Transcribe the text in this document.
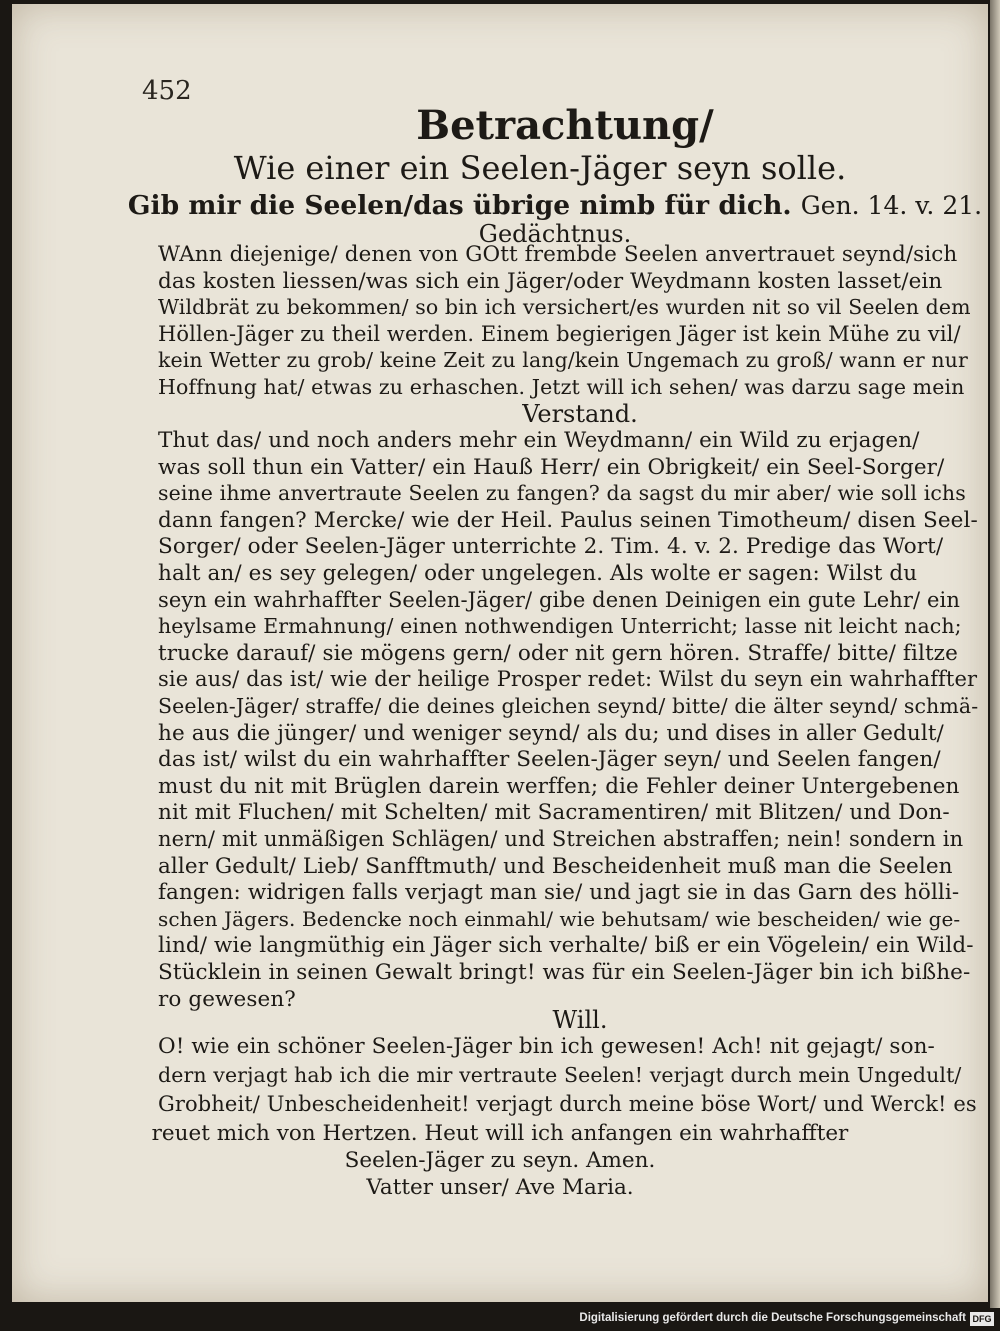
452
Betrachtung/
Wie einer ein Seelen-Jäger seyn solle.
Gib mir die Seelen/das übrige nimb für dich. Gen. 14. v. 21.
Gedächtnus.
WAnn diejenige/ denen von GOtt frembde Seelen anvertrauet seynd/sich
das kosten liessen/was sich ein Jäger/oder Weydmann kosten lasset/ein
Wildbrät zu bekommen/ so bin ich versichert/es wurden nit so vil Seelen dem
Höllen-Jäger zu theil werden. Einem begierigen Jäger ist kein Mühe zu vil/
kein Wetter zu grob/ keine Zeit zu lang/kein Ungemach zu groß/ wann er nur
Hoffnung hat/ etwas zu erhaschen. Jetzt will ich sehen/ was darzu sage mein
Verstand.
Thut das/ und noch anders mehr ein Weydmann/ ein Wild zu erjagen/
was soll thun ein Vatter/ ein Hauß Herr/ ein Obrigkeit/ ein Seel-Sorger/
seine ihme anvertraute Seelen zu fangen? da sagst du mir aber/ wie soll ichs
dann fangen? Mercke/ wie der Heil. Paulus seinen Timotheum/ disen Seel-
Sorger/ oder Seelen-Jäger unterrichte 2. Tim. 4. v. 2. Predige das Wort/
halt an/ es sey gelegen/ oder ungelegen. Als wolte er sagen: Wilst du
seyn ein wahrhaffter Seelen-Jäger/ gibe denen Deinigen ein gute Lehr/ ein
heylsame Ermahnung/ einen nothwendigen Unterricht; lasse nit leicht nach;
trucke darauf/ sie mögens gern/ oder nit gern hören. Straffe/ bitte/ filtze
sie aus/ das ist/ wie der heilige Prosper redet: Wilst du seyn ein wahrhaffter
Seelen-Jäger/ straffe/ die deines gleichen seynd/ bitte/ die älter seynd/ schmä-
he aus die jünger/ und weniger seynd/ als du; und dises in aller Gedult/
das ist/ wilst du ein wahrhaffter Seelen-Jäger seyn/ und Seelen fangen/
must du nit mit Brüglen darein werffen; die Fehler deiner Untergebenen
nit mit Fluchen/ mit Schelten/ mit Sacramentiren/ mit Blitzen/ und Don-
nern/ mit unmäßigen Schlägen/ und Streichen abstraffen; nein! sondern in
aller Gedult/ Lieb/ Sanfftmuth/ und Bescheidenheit muß man die Seelen
fangen: widrigen falls verjagt man sie/ und jagt sie in das Garn des hölli-
schen Jägers. Bedencke noch einmahl/ wie behutsam/ wie bescheiden/ wie ge-
lind/ wie langmüthig ein Jäger sich verhalte/ biß er ein Vögelein/ ein Wild-
Stücklein in seinen Gewalt bringt! was für ein Seelen-Jäger bin ich bißhe-
ro gewesen?
Will.
O! wie ein schöner Seelen-Jäger bin ich gewesen! Ach! nit gejagt/ son-
dern verjagt hab ich die mir vertraute Seelen! verjagt durch mein Ungedult/
Grobheit/ Unbescheidenheit! verjagt durch meine böse Wort/ und Werck! es
reuet mich von Hertzen. Heut will ich anfangen ein wahrhaffter
Seelen-Jäger zu seyn. Amen.
Vatter unser/ Ave Maria.
Digitalisierung gefördert durch die Deutsche Forschungsgemeinschaft DFG
